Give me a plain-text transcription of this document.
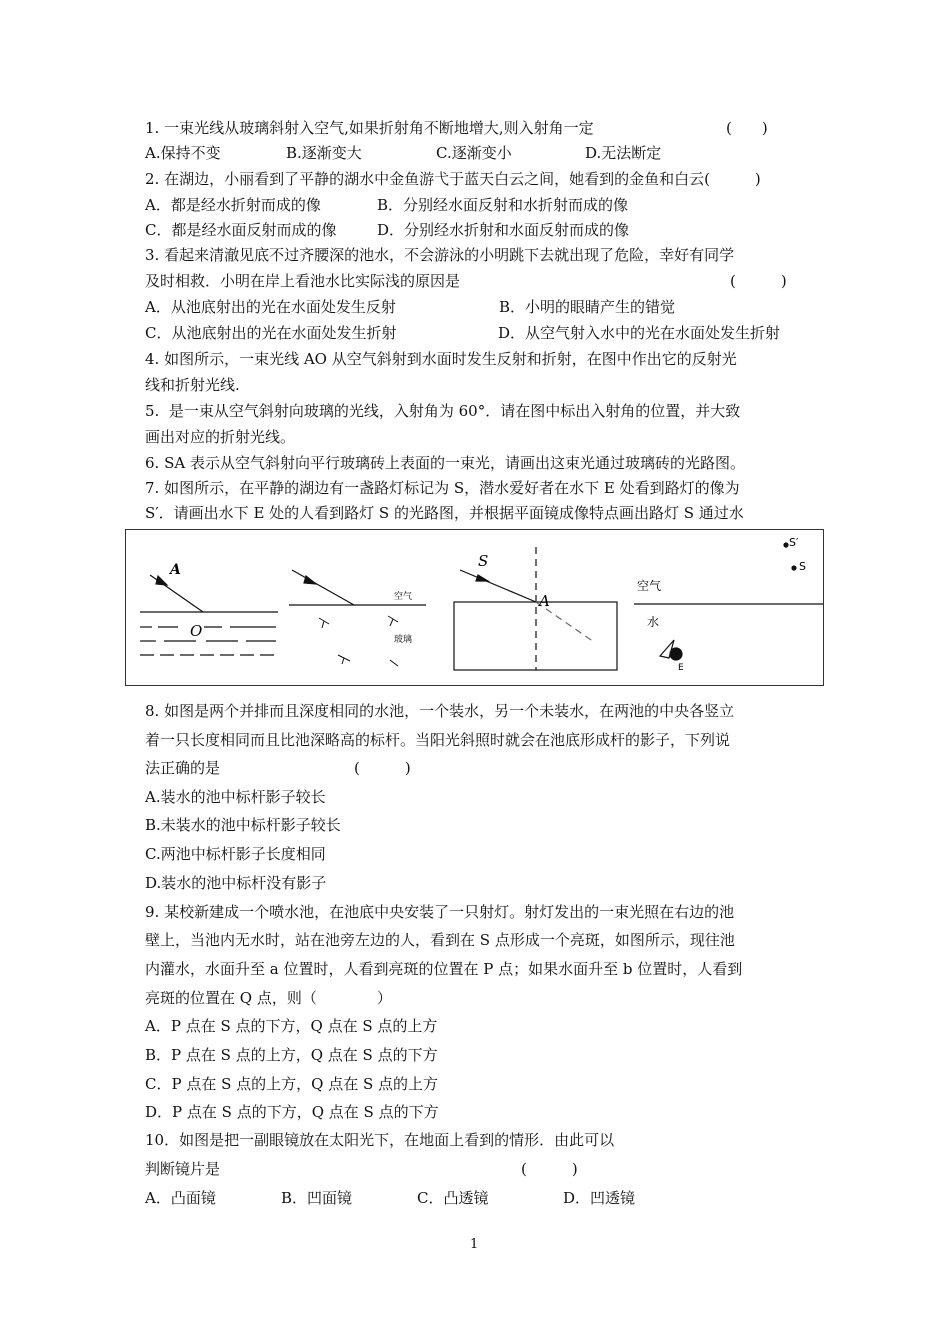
1. 一束光线从玻璃斜射入空气,如果折射角不断地增大,则入射角一定	(　　)
A.保持不变	B.逐渐变大	C.逐渐变小	D.无法断定
2. 在湖边，小丽看到了平静的湖水中金鱼游弋于蓝天白云之间，她看到的金鱼和白云(　　　)
A．都是经水折射而成的像	B．分别经水面反射和水折射而成的像
C．都是经水面反射而成的像	D．分别经水折射和水面反射而成的像
3. 看起来清澈见底不过齐腰深的池水，不会游泳的小明跳下去就出现了危险，幸好有同学
及时相救．小明在岸上看池水比实际浅的原因是	(　　　)
A．从池底射出的光在水面处发生反射	B．小明的眼睛产生的错觉
C．从池底射出的光在水面处发生折射	D．从空气射入水中的光在水面处发生折射
4. 如图所示，一束光线 AO 从空气斜射到水面时发生反射和折射，在图中作出它的反射光
线和折射光线.
5.  是一束从空气斜射向玻璃的光线，入射角为 60°．请在图中标出入射角的位置，并大致
画出对应的折射光线。
6. SA 表示从空气斜射向平行玻璃砖上表面的一束光，请画出这束光通过玻璃砖的光路图。
7. 如图所示，在平静的湖边有一盏路灯标记为 S，潜水爱好者在水下 E 处看到路灯的像为
S′．请画出水下 E 处的人看到路灯 S 的光路图，并根据平面镜成像特点画出路灯 S 通过水
A
O
空气
玻璃
S
A
空气
水
S′
S
E
8. 如图是两个并排而且深度相同的水池，一个装水，另一个未装水，在两池的中央各竖立
着一只长度相同而且比池深略高的标杆。当阳光斜照时就会在池底形成杆的影子，下列说
法正确的是	(　　　)
A.装水的池中标杆影子较长
B.未装水的池中标杆影子较长
C.两池中标杆影子长度相同
D.装水的池中标杆没有影子
9. 某校新建成一个喷水池，在池底中央安装了一只射灯。射灯发出的一束光照在右边的池
壁上，当池内无水时，站在池旁左边的人，看到在 S 点形成一个亮斑，如图所示，现往池
内灌水，水面升至 a 位置时，人看到亮斑的位置在 P 点；如果水面升至 b 位置时，人看到
亮斑的位置在 Q 点，则（　　　　）
A．P 点在 S 点的下方，Q 点在 S 点的上方
B．P 点在 S 点的上方，Q 点在 S 点的下方
C．P 点在 S 点的上方，Q 点在 S 点的上方
D．P 点在 S 点的下方，Q 点在 S 点的下方
10．如图是把一副眼镜放在太阳光下，在地面上看到的情形．由此可以
判断镜片是	(　　　)
A．凸面镜	B．凹面镜	C．凸透镜	D．凹透镜
1
